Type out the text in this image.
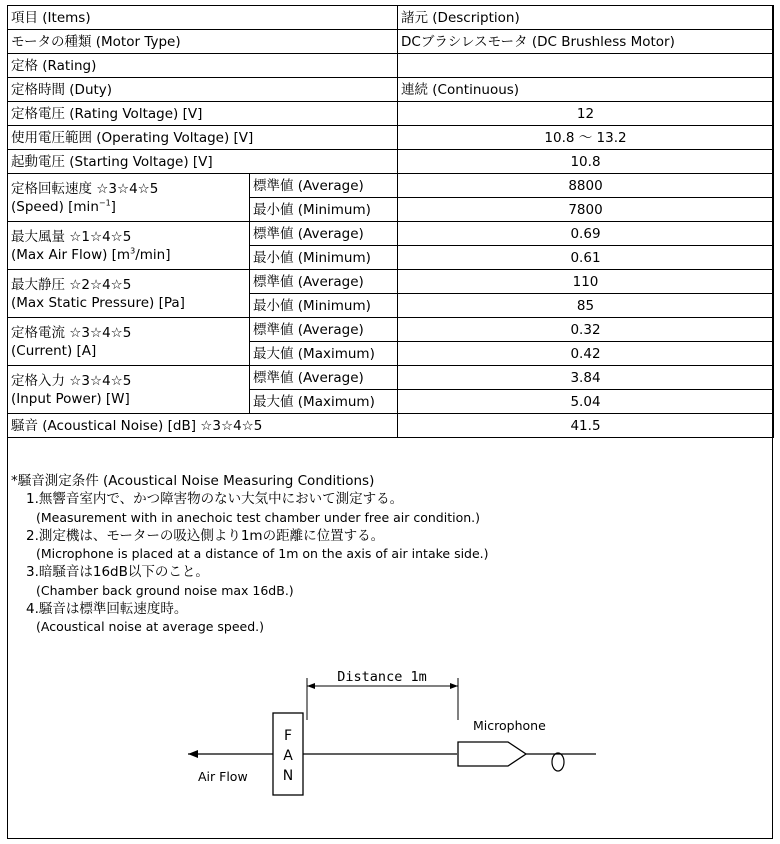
項目 (Items)		諸元 (Description)
モータの種類 (Motor Type)		DCブラシレスモータ (DC Brushless Motor)
定格 (Rating)		
定格時間 (Duty)		連続 (Continuous)
定格電圧 (Rating Voltage) [V]		12
使用電圧範囲 (Operating Voltage) [V]		10.8 ～ 13.2
起動電圧 (Starting Voltage) [V]		10.8

定格回転速度 ☆3☆4☆5
(Speed) $[\min^{-1}]$	標準値 (Average)	8800
	最小値 (Minimum)	7800

最大風量 ☆1☆4☆5
(Max Air Flow) $[m^3/\min]$	標準値 (Average)	0.69
	最小値 (Minimum)	0.61

最大静圧 ☆2☆4☆5
(Max Static Pressure) [Pa]	標準値 (Average)	110
	最小値 (Minimum)	85

定格電流 ☆3☆4☆5
(Current) [A]	標準値 (Average)	0.32
	最大値 (Maximum)	0.42

定格入力 ☆3☆4☆5
(Input Power) [W]	標準値 (Average)	3.84
	最大値 (Maximum)	5.04
騒音 (Acoustical Noise) [dB] ☆3☆4☆5		41.5
*騒音測定条件 (Acoustical Noise Measuring Conditions)
1.無響音室内で、かつ障害物のない大気中において測定する。
(Measurement with in anechoic test chamber under free air condition.)
2.測定機は、モーターの吸込側より1mの距離に位置する。
(Microphone is placed at a distance of 1m on the axis of air intake side.)
3.暗騒音は16dB以下のこと。
(Chamber back ground noise max 16dB.)
4.騒音は標準回転速度時。
(Acoustical noise at average speed.)
Distance 1m
Air Flow
F
A
N
Microphone
